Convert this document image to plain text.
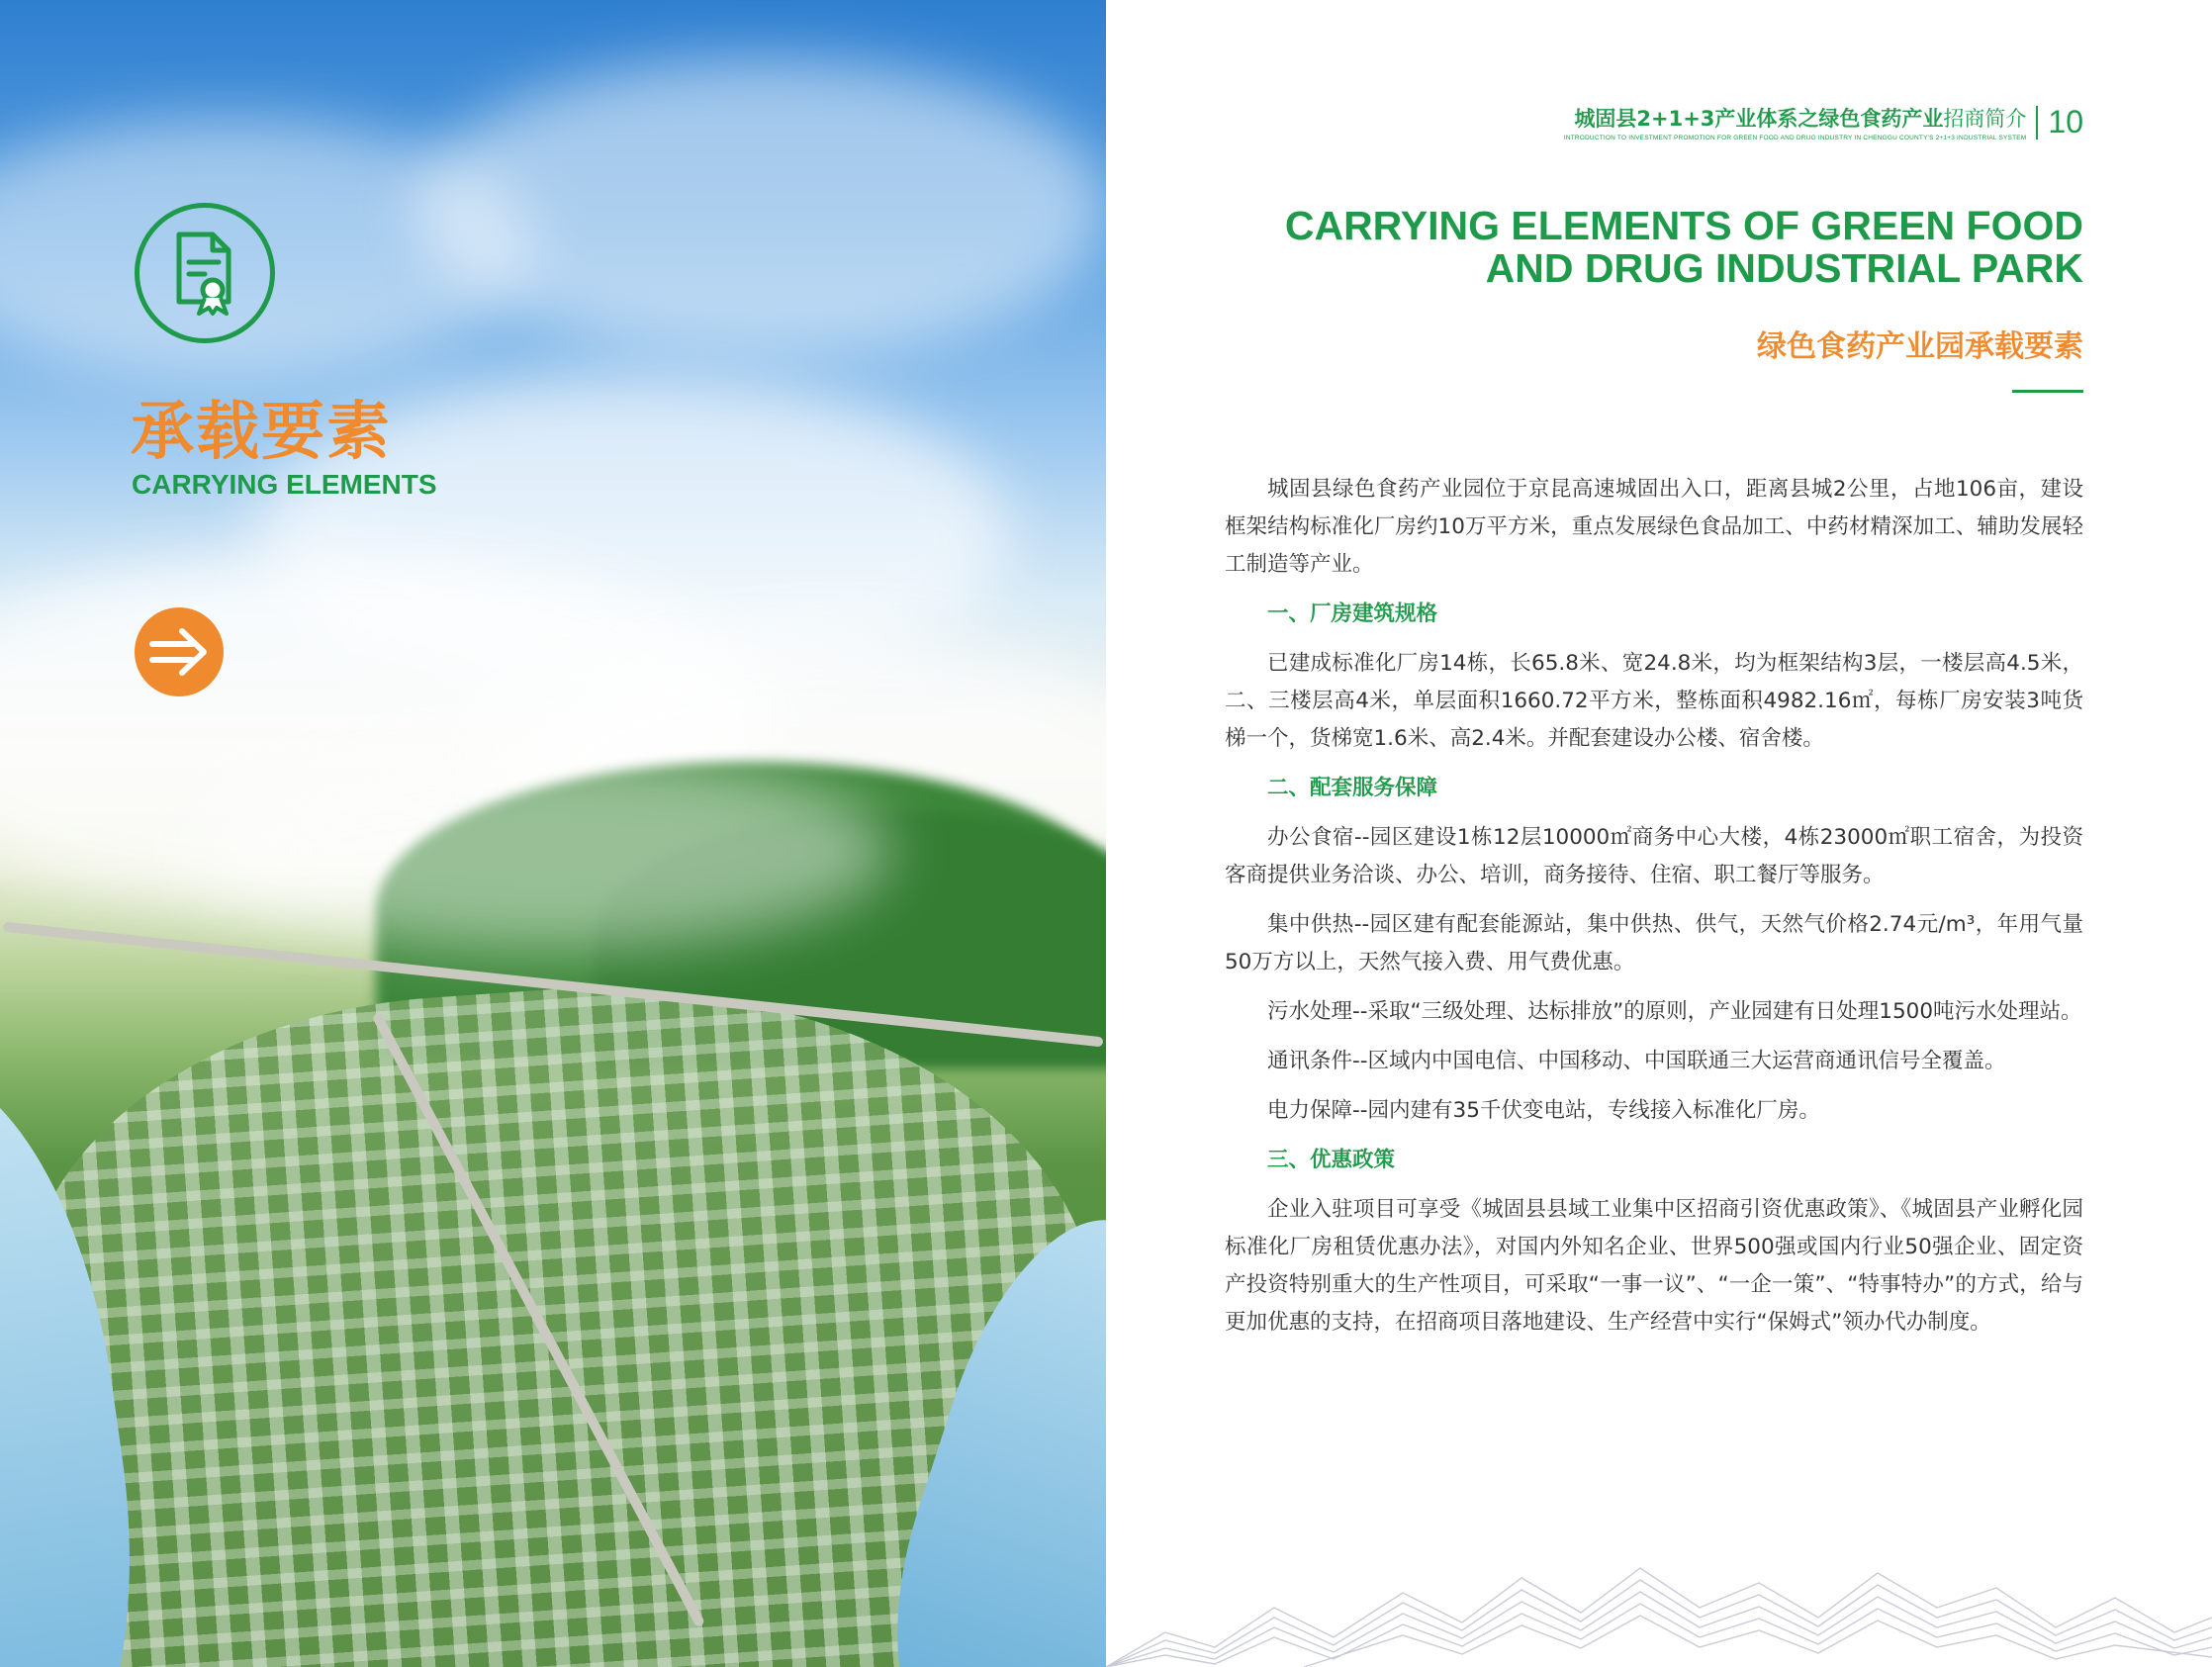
承载要素
CARRYING ELEMENTS
城固县2+1+3产业体系之绿色食药产业招商简介
INTRODUCTION TO INVESTMENT PROMOTION FOR GREEN FOOD AND DRUG INDUSTRY IN CHENGGU COUNTY'S 2+1+3 INDUSTRIAL SYSTEM 10
CARRYING ELEMENTS OF GREEN FOOD
AND DRUG INDUSTRIAL PARK
绿色食药产业园承载要素

城固县绿色食药产业园位于京昆高速城固出入口，距离县城2公里，占地106亩，建设框架结构标准化厂房约10万平方米，重点发展绿色食品加工、中药材精深加工、辅助发展轻工制造等产业。

一、厂房建筑规格

已建成标准化厂房14栋，长65.8米、宽24.8米，均为框架结构3层，一楼层高4.5米，二、三楼层高4米，单层面积1660.72平方米，整栋面积4982.16㎡，每栋厂房安装3吨货梯一个，货梯宽1.6米、高2.4米。并配套建设办公楼、宿舍楼。

二、配套服务保障

办公食宿--园区建设1栋12层10000㎡商务中心大楼，4栋23000㎡职工宿舍，为投资客商提供业务洽谈、办公、培训，商务接待、住宿、职工餐厅等服务。

集中供热--园区建有配套能源站，集中供热、供气，天然气价格2.74元/m³，年用气量50万方以上，天然气接入费、用气费优惠。

污水处理--采取“三级处理、达标排放”的原则，产业园建有日处理1500吨污水处理站。

通讯条件--区域内中国电信、中国移动、中国联通三大运营商通讯信号全覆盖。

电力保障--园内建有35千伏变电站，专线接入标准化厂房。

三、优惠政策

企业入驻项目可享受《城固县县域工业集中区招商引资优惠政策》、《城固县产业孵化园标准化厂房租赁优惠办法》，对国内外知名企业、世界500强或国内行业50强企业、固定资产投资特别重大的生产性项目，可采取“一事一议”、“一企一策”、“特事特办”的方式，给与更加优惠的支持，在招商项目落地建设、生产经营中实行“保姆式”领办代办制度。
